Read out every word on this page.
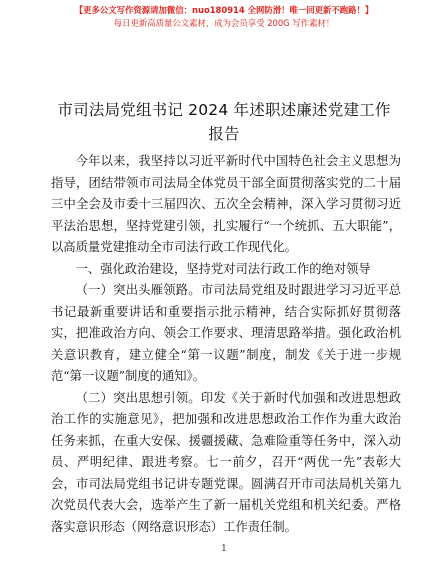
【更多公文写作资源请加微信：nuo180914 全网防滑！唯一回更新不跑路！】
每日更新高质量公文素材，成为会员享受 200G 写作素材！
市司法局党组书记 2024 年述职述廉述党建工作
报告

今年以来，我坚持以习近平新时代中国特色社会主义思想为指导，团结带领市司法局全体党员干部全面贯彻落实党的二十届三中全会及市委十三届四次、五次全会精神，深入学习贯彻习近平法治思想，坚持党建引领，扎实履行“一个统抓、五大职能”，以高质量党建推动全市司法行政工作现代化。

一、强化政治建设，坚持党对司法行政工作的绝对领导

（一）突出头雁领路。市司法局党组及时跟进学习习近平总书记最新重要讲话和重要指示批示精神，结合实际抓好贯彻落实，把准政治方向、领会工作要求、理清思路举措。强化政治机关意识教育，建立健全“第一议题”制度，制发《关于进一步规范“第一议题”制度的通知》。

（二）突出思想引领。印发《关于新时代加强和改进思想政治工作的实施意见》，把加强和改进思想政治工作作为重大政治任务来抓，在重大安保、援疆援藏、急难险重等任务中，深入动员、严明纪律、跟进考察。七一前夕，召开“两优一先”表彰大会，市司法局党组书记讲专题党课。圆满召开市司法局机关第九次党员代表大会，选举产生了新一届机关党组和机关纪委。严格落实意识形态（网络意识形态）工作责任制。

1
